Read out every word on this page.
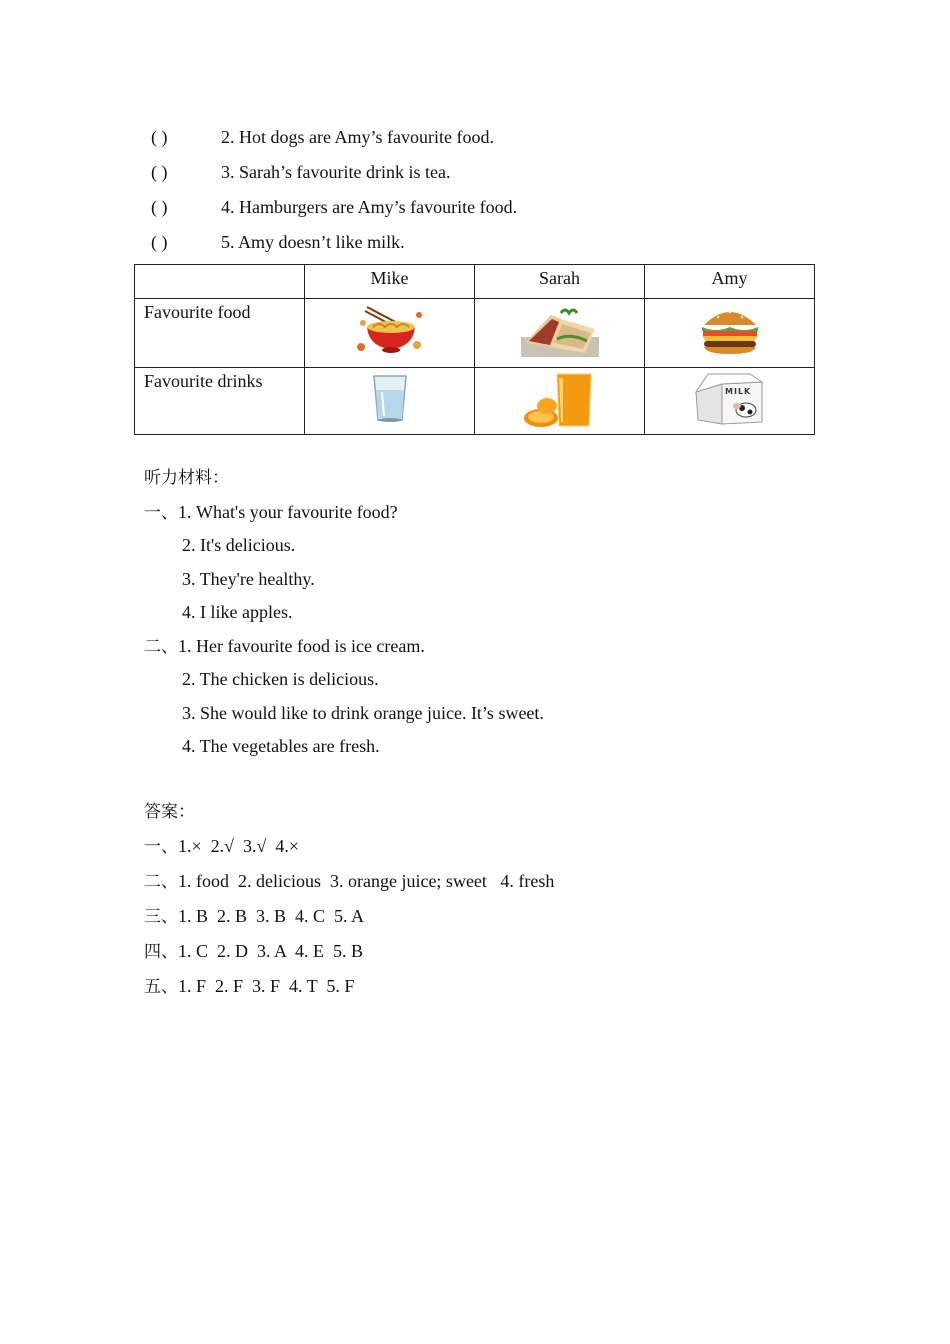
( )	2. Hot dogs are Amy’s favourite food.
( )	3. Sarah’s favourite drink is tea.
( )	4. Hamburgers are Amy’s favourite food.
( )	5. Amy doesn’t like milk.
	Mike	Sarah	Amy
Favourite food	

Favourite drinks			MILK
听力材料：
一、1. What's your favourite food?
2. It's delicious.
3. They're healthy.
4. I like apples.
二、1. Her favourite food is ice cream.
2. The chicken is delicious.
3. She would like to drink orange juice. It’s sweet.
4. The vegetables are fresh.
答案：
一、1.×  2.√  3.√  4.×
二、1. food  2. delicious  3. orange juice; sweet   4. fresh
三、1. B  2. B  3. B  4. C  5. A
四、1. C  2. D  3. A  4. E  5. B
五、1. F  2. F  3. F  4. T  5. F
